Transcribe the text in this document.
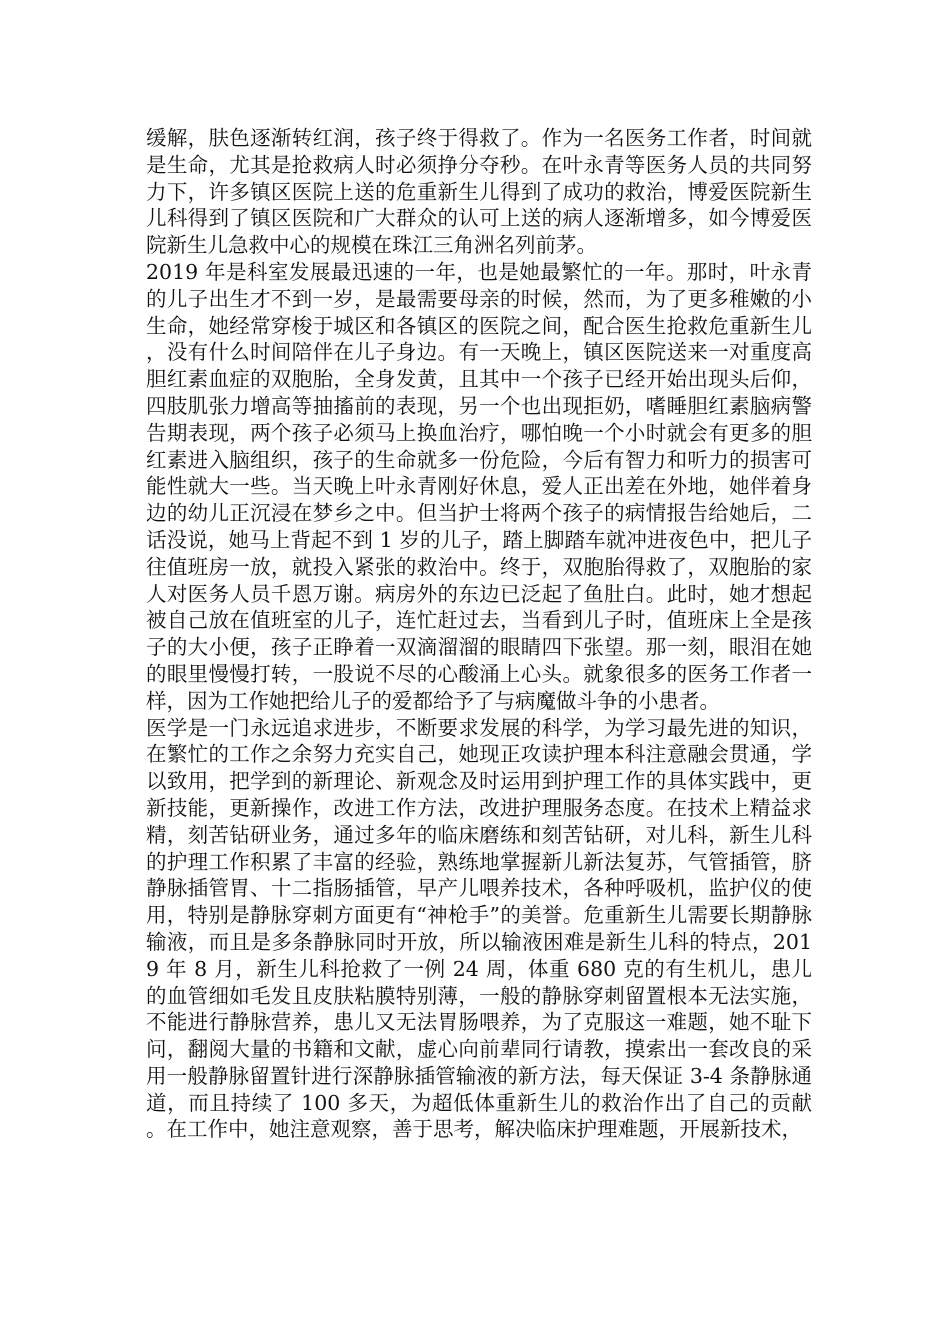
缓解，肤色逐渐转红润，孩子终于得救了。作为一名医务工作者，时间就是生命，尤其是抢救病人时必须挣分夺秒。在叶永青等医务人员的共同努力下，许多镇区医院上送的危重新生儿得到了成功的救治，博爱医院新生儿科得到了镇区医院和广大群众的认可上送的病人逐渐增多，如今博爱医院新生儿急救中心的规模在珠江三角洲名列前茅。

2019 年是科室发展最迅速的一年，也是她最繁忙的一年。那时，叶永青的儿子出生才不到一岁，是最需要母亲的时候，然而，为了更多稚嫩的小生命，她经常穿梭于城区和各镇区的医院之间，配合医生抢救危重新生儿，没有什么时间陪伴在儿子身边。有一天晚上，镇区医院送来一对重度高胆红素血症的双胞胎，全身发黄，且其中一个孩子已经开始出现头后仰，四肢肌张力增高等抽搐前的表现，另一个也出现拒奶，嗜睡胆红素脑病警告期表现，两个孩子必须马上换血治疗，哪怕晚一个小时就会有更多的胆红素进入脑组织，孩子的生命就多一份危险，今后有智力和听力的损害可能性就大一些。当天晚上叶永青刚好休息，爱人正出差在外地，她伴着身边的幼儿正沉浸在梦乡之中。但当护士将两个孩子的病情报告给她后，二话没说，她马上背起不到 1 岁的儿子，踏上脚踏车就冲进夜色中，把儿子往值班房一放，就投入紧张的救治中。终于，双胞胎得救了，双胞胎的家人对医务人员千恩万谢。病房外的东边已泛起了鱼肚白。此时，她才想起被自己放在值班室的儿子，连忙赶过去，当看到儿子时，值班床上全是孩子的大小便，孩子正睁着一双滴溜溜的眼睛四下张望。那一刻，眼泪在她的眼里慢慢打转，一股说不尽的心酸涌上心头。就象很多的医务工作者一样，因为工作她把给儿子的爱都给予了与病魔做斗争的小患者。

医学是一门永远追求进步，不断要求发展的科学，为学习最先进的知识，在繁忙的工作之余努力充实自己，她现正攻读护理本科注意融会贯通，学以致用，把学到的新理论、新观念及时运用到护理工作的具体实践中，更新技能，更新操作，改进工作方法，改进护理服务态度。在技术上精益求精，刻苦钻研业务，通过多年的临床磨练和刻苦钻研，对儿科，新生儿科的护理工作积累了丰富的经验，熟练地掌握新儿新法复苏，气管插管，脐静脉插管胃、十二指肠插管，早产儿喂养技术，各种呼吸机，监护仪的使用，特别是静脉穿刺方面更有“神枪手”的美誉。危重新生儿需要长期静脉输液，而且是多条静脉同时开放，所以输液困难是新生儿科的特点，2019 年 8 月，新生儿科抢救了一例 24 周，体重 680 克的有生机儿，患儿的血管细如毛发且皮肤粘膜特别薄，一般的静脉穿刺留置根本无法实施，不能进行静脉营养，患儿又无法胃肠喂养，为了克服这一难题，她不耻下问，翻阅大量的书籍和文献，虚心向前辈同行请教，摸索出一套改良的采用一般静脉留置针进行深静脉插管输液的新方法，每天保证 3-4 条静脉通道，而且持续了 100 多天，为超低体重新生儿的救治作出了自己的贡献。在工作中，她注意观察，善于思考，解决临床护理难题，开展新技术，
